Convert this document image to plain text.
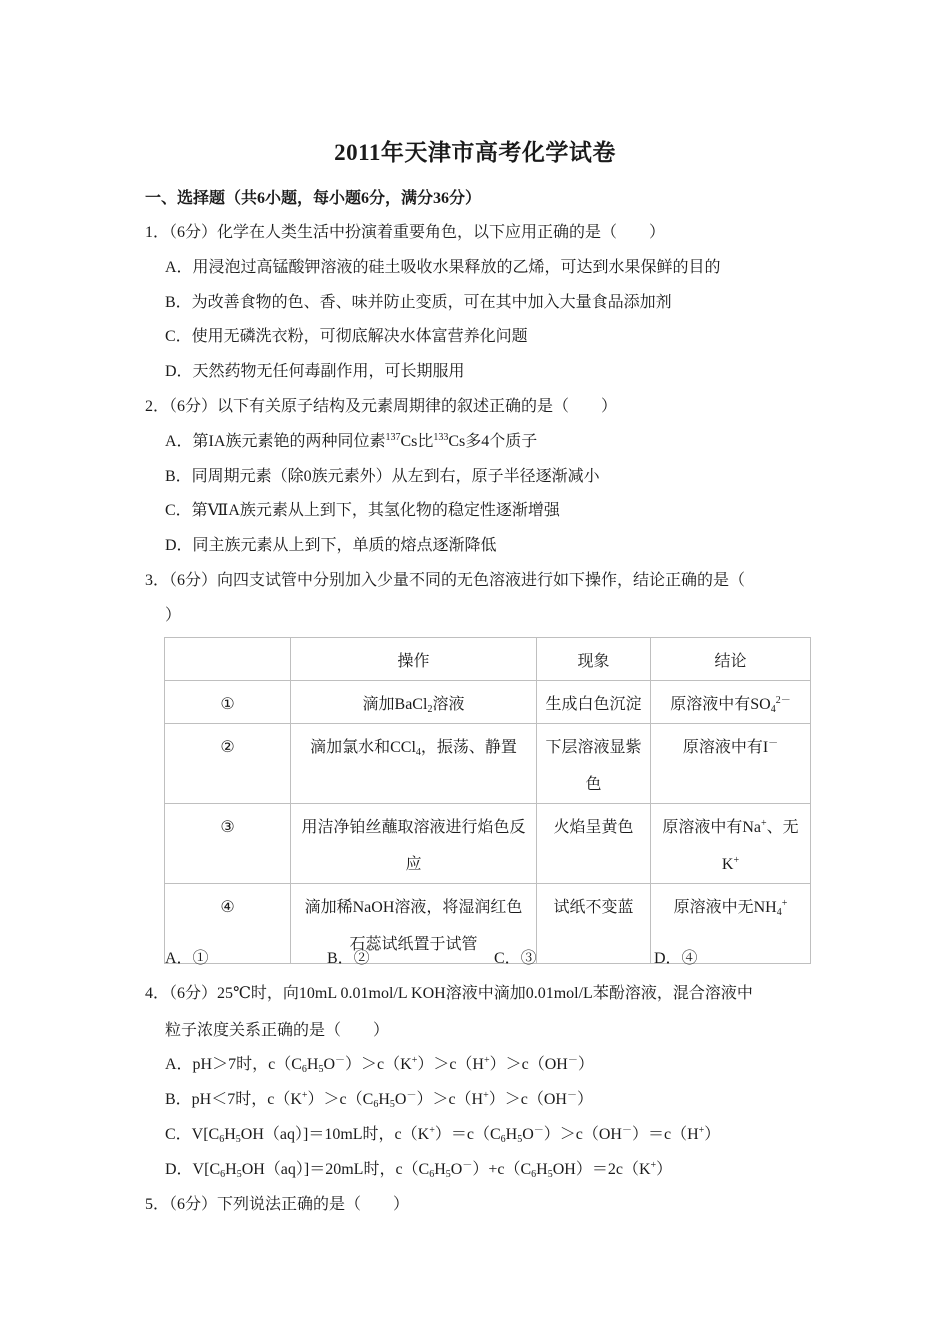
2011年天津市高考化学试卷
一、选择题（共6小题，每小题6分，满分36分）
1．（6分）化学在人类生活中扮演着重要角色，以下应用正确的是（　　）
A．用浸泡过高锰酸钾溶液的硅土吸收水果释放的乙烯，可达到水果保鲜的目的
B．为改善食物的色、香、味并防止变质，可在其中加入大量食品添加剂
C．使用无磷洗衣粉，可彻底解决水体富营养化问题
D．天然药物无任何毒副作用，可长期服用
2．（6分）以下有关原子结构及元素周期律的叙述正确的是（　　）
A．第IA族元素铯的两种同位素$^{137}$Cs比$^{133}$Cs多4个质子
B．同周期元素（除0族元素外）从左到右，原子半径逐渐减小
C．第ⅦA族元素从上到下，其氢化物的稳定性逐渐增强
D．同主族元素从上到下，单质的熔点逐渐降低
3．（6分）向四支试管中分别加入少量不同的无色溶液进行如下操作，结论正确的是（
）
	操作	现象	结论
①	滴加BaCl$_2$溶液	生成白色沉淀	原溶液中有$SO_4^{2-}$
②	滴加氯水和CCl$_4$，振荡、静置	下层溶液显紫色	原溶液中有I－
③	用洁净铂丝蘸取溶液进行焰色反应	火焰呈黄色	原溶液中有Na+、无K+
④	滴加稀NaOH溶液，将湿润红色石蕊试纸置于试管	试纸不变蓝	原溶液中无$NH_4^+$
A．①	B．②	C．③	D．④
4．（6分）25℃时，向10mL 0.01mol/L KOH溶液中滴加0.01mol/L苯酚溶液，混合溶液中
粒子浓度关系正确的是（　　）
A．pH＞7时，$c(C_6H_5O^-)>c(K^+)>c(H^+)>c(OH^-)$
B．pH＜7时，$c(K^+)>c(C_6H_5O^-)>c(H^+)>c(OH^-)$
C．$V[C_6H_5OH(aq)]=10mL$时，$c(K^+)=c(C_6H_5O^-)>c(OH^-)=c(H^+)$
D．$V[C_6H_5OH(aq)]=20mL$时，$c(C_6H_5O^-)+c(C_6H_5OH)=2c(K^+)$
5．（6分）下列说法正确的是（　　）
